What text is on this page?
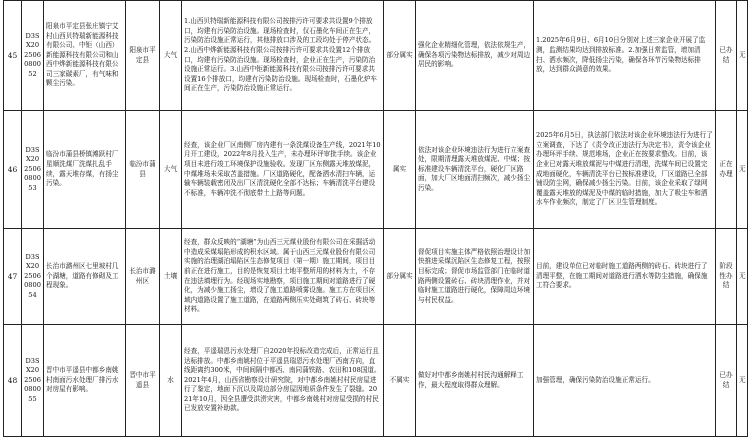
45	D3SX202506080052	阳泉市平定县张庄镇宁艾村山西贝特瑞新能源科技有限公司、中钜（山西）新能源科技有限公司和山西中烨新能源科技有限公司三家碳素厂，有气味和颗尘污染。	阳泉市平定县	大气	1.山西贝特瑞新能源科技有限公司按排污许可要求共设置9个排放口，均建有污染防治设施。现场检查时，仅石墨化车间正在生产，污染防治设施正常运行，其他排放口涉及的工段均处于停产状态。2.山西中烨新能源科技有限公司按排污许可要求共设置12个排放口，均建有污染防治设施。现场检查时，企业正在生产，污染防治设施正常运行。3.山西中钜新能源科技有限公司按排污许可要求共设置16个排放口，均建有污染防治设施。现场检查时，石墨化炉车间正在生产，污染防治设施正常运行。	部分属实	强化企业精细化管理，依法依规生产，确保各项污染物达标排放，减少对周边居民的影响。	1.2025年6月9日、6月10日分别对上述三家企业开展了监测，监测结果均达到排放标准。2.加强日常监管，增加清扫、洒水频次，降低扬尘污染，确保各环节污染物达标排放，达到群众满意的效果。	已办结	无
46	D3SX202506080053	临汾市蒲县桥镇滩跃村厂星顺洗煤厂洗煤扎乱手续，露天堆存煤，有扬尘污染。	临汾市蒲县	大气	经查，该企业厂区南侧厂房内建有一条洗煤设备生产线，2021年10月开工建设，2022年8月投入生产，未办理环评审批手续。该企业项目未进行竣工环境保护设施验收。发现厂区东侧露天堆放煤泥，中煤堆场未采取苫盖措施。厂区道路硬化，配备洒水清扫车辆，运输车辆装载密闭及出厂区清洗硬化全部不达标；车辆清洗平台建设不标准，车辆冲洗不彻底带土上路等问题。	属实	依法对该企业环境违法行为进行立案查处，限期清理露天堆放煤泥、中煤；按标准建设车辆清洗平台，硬化厂区路面，加大厂区地面清扫频次，减少扬尘污染。	2025年6月5日，执法部门依法对该企业环境违法行为进行了立案调查，下达了《责令改正违法行为决定书》，责令该企业办理环评手续、规范堆场，企业正在按要求整改。目前，该企业已对露天堆放煤泥与中煤进行清理，洗煤车间已设置完成地面硬化，车辆清洗平台已按标准建设，厂区道路已全部铺设防尘网，确保减少扬尘污染。目前，该企业采取了绿网覆盖露天堆放的煤泥及中煤的临时措施，加大了吸尘车和洒水车作业频次，制定了厂区卫生管理制度。	正在办理	无
47	D3SX202506080054	长治市潞州区七里坡村几个湖塘，道路有修砌及工程现象。	长治市潞州区	土壤	经查，群众反映的“湖塘”为山西三元煤业股份有限公司在采掘活动中造成采煤塌陷形成的积水区域。属于山西三元煤业股份有限公司实施的治理湖泊塌陷区生态修复项目（第一期）施工期间，项目目前正在进行施工，目的是恢复项目土地平整所用的材料为土，不存在违法填埋行为。经现场实地勘察，项目施工期间对道路进行了硬化，为减少施工扬尘，增设了施工道路喷雾设施。施工方在项目区域内道路设置了施工道路，在道路两侧压实处砌筑了砖石、砖块等材料。	部分属实	督促项目实施主体严格依照治理设计加快推进采煤沉陷区生态修复工程，按照目标完成；督促市场监管部门在临时道路两侧设置砖石、砖块清理作业，并对临时施工道路进行硬化，保障周边环境与村民权益。	目前，建设单位已对临时施工道路两侧的砖石、砖块进行了清理平整，在施工期间对道路进行洒水等防尘措施，确保施工符合要求。	阶段性办结	无
48	D3SX202506080055	晋中市平遥县中都乡南姚村南面污水处理厂排污水对房屋有影响。	晋中市平遥县	水	经查，平遥瑞恩污水处理厂自2020年投标改造完成后，正常运行且达标排放。中都乡南姚村位于平遥县瑞恩污水处理厂西南方向，直线距离约300米，中间间隔中都西、南同蒲铁路、农田和108国道。2021年4月，山西省勘察设计研究院，对中都乡南姚村村民房屋进行了鉴定，地面下沉以及周边部分房屋因地质条件发生了裂缝。2021年10月，因全县遭受洪涝灾害，中都乡南姚村对房屋受损的村民已发放安置补助款。	不属实	做好对中都乡南姚村村民沟通解释工作，最大程度取得群众理解。	加强管理，确保污染防治设施正常运行。	已办结	无
